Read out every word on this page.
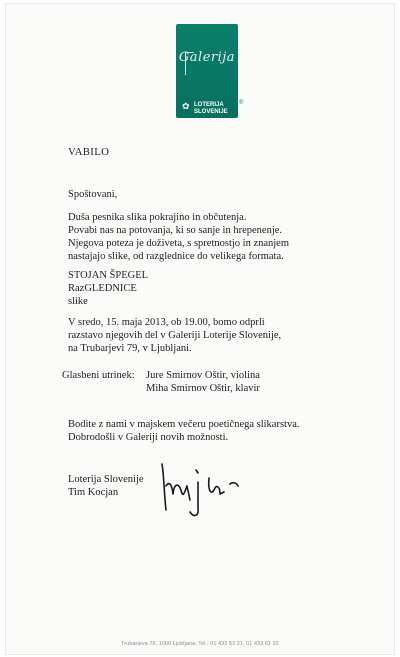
Galerija
✿ LOTERIJA
SLOVENIJE
®
VABILO
Spoštovani,
Duša pesnika slika pokrajino in občutenja.
Povabi nas na potovanja, ki so sanje in hrepenenje.
Njegova poteza je doživeta, s spretnostjo in znanjem
nastajajo slike, od razglednice do velikega formata.
STOJAN ŠPEGEL
RazGLEDNICE
slike
V sredo, 15. maja 2013, ob 19.00, bomo odprli
razstavo njegovih del v Galeriji Loterije Slovenije,
na Trubarjevi 79, v Ljubljani.
Glasbeni utrinek: Jure Smirnov Oštir, violina
Miha Smirnov Oštir, klavir
Bodite z nami v majskem večeru poetičnega slikarstva.
Dobrodošli v Galeriji novih možnosti.
Loterija Slovenije
Tim Kocjan
Trubarjeva 79, 1000 Ljubljana, Tel.: 01 433 53 21, 01 433 61 32
